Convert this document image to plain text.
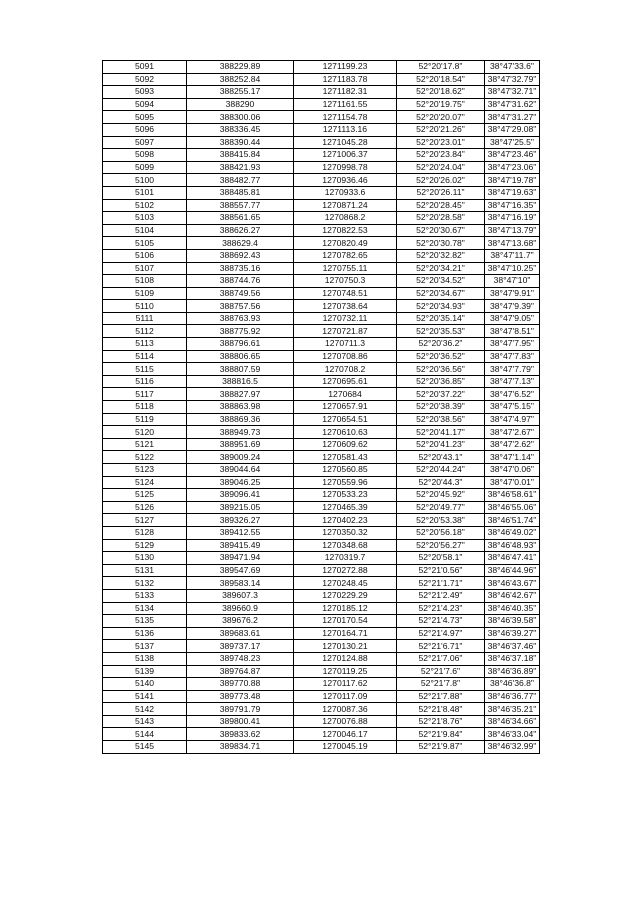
5091	388229.89	1271199.23	52°20'17.8"	38°47'33.6"
5092	388252.84	1271183.78	52°20'18.54"	38°47'32.79"
5093	388255.17	1271182.31	52°20'18.62"	38°47'32.71"
5094	388290	1271161.55	52°20'19.75"	38°47'31.62"
5095	388300.06	1271154.78	52°20'20.07"	38°47'31.27"
5096	388336.45	1271113.16	52°20'21.26"	38°47'29.08"
5097	388390.44	1271045.28	52°20'23.01"	38°47'25.5"
5098	388415.84	1271006.37	52°20'23.84"	38°47'23.46"
5099	388421.93	1270998.78	52°20'24.04"	38°47'23.06"
5100	388482.77	1270936.46	52°20'26.02"	38°47'19.78"
5101	388485.81	1270933.6	52°20'26.11"	38°47'19.63"
5102	388557.77	1270871.24	52°20'28.45"	38°47'16.35"
5103	388561.65	1270868.2	52°20'28.58"	38°47'16.19"
5104	388626.27	1270822.53	52°20'30.67"	38°47'13.79"
5105	388629.4	1270820.49	52°20'30.78"	38°47'13.68"
5106	388692.43	1270782.65	52°20'32.82"	38°47'11.7"
5107	388735.16	1270755.11	52°20'34.21"	38°47'10.25"
5108	388744.76	1270750.3	52°20'34.52"	38°47'10"
5109	388749.56	1270748.51	52°20'34.67"	38°47'9.91"
5110	388757.56	1270738.64	52°20'34.93"	38°47'9.39"
5111	388763.93	1270732.11	52°20'35.14"	38°47'9.05"
5112	388775.92	1270721.87	52°20'35.53"	38°47'8.51"
5113	388796.61	1270711.3	52°20'36.2"	38°47'7.95"
5114	388806.65	1270708.86	52°20'36.52"	38°47'7.83"
5115	388807.59	1270708.2	52°20'36.56"	38°47'7.79"
5116	388816.5	1270695.61	52°20'36.85"	38°47'7.13"
5117	388827.97	1270684	52°20'37.22"	38°47'6.52"
5118	388863.98	1270657.91	52°20'38.39"	38°47'5.15"
5119	388869.36	1270654.51	52°20'38.56"	38°47'4.97"
5120	388949.73	1270610.63	52°20'41.17"	38°47'2.67"
5121	388951.69	1270609.62	52°20'41.23"	38°47'2.62"
5122	389009.24	1270581.43	52°20'43.1"	38°47'1.14"
5123	389044.64	1270560.85	52°20'44.24"	38°47'0.06"
5124	389046.25	1270559.96	52°20'44.3"	38°47'0.01"
5125	389096.41	1270533.23	52°20'45.92"	38°46'58.61"
5126	389215.05	1270465.39	52°20'49.77"	38°46'55.06"
5127	389326.27	1270402.23	52°20'53.38"	38°46'51.74"
5128	389412.55	1270350.32	52°20'56.18"	38°46'49.02"
5129	389415.49	1270348.68	52°20'56.27"	38°46'48.93"
5130	389471.94	1270319.7	52°20'58.1"	38°46'47.41"
5131	389547.69	1270272.88	52°21'0.56"	38°46'44.96"
5132	389583.14	1270248.45	52°21'1.71"	38°46'43.67"
5133	389607.3	1270229.29	52°21'2.49"	38°46'42.67"
5134	389660.9	1270185.12	52°21'4.23"	38°46'40.35"
5135	389676.2	1270170.54	52°21'4.73"	38°46'39.58"
5136	389683.61	1270164.71	52°21'4.97"	38°46'39.27"
5137	389737.17	1270130.21	52°21'6.71"	38°46'37.46"
5138	389748.23	1270124.88	52°21'7.06"	38°46'37.18"
5139	389764.87	1270119.25	52°21'7.6"	38°46'36.89"
5140	389770.88	1270117.62	52°21'7.8"	38°46'36.8"
5141	389773.48	1270117.09	52°21'7.88"	38°46'36.77"
5142	389791.79	1270087.36	52°21'8.48"	38°46'35.21"
5143	389800.41	1270076.88	52°21'8.76"	38°46'34.66"
5144	389833.62	1270046.17	52°21'9.84"	38°46'33.04"
5145	389834.71	1270045.19	52°21'9.87"	38°46'32.99"
